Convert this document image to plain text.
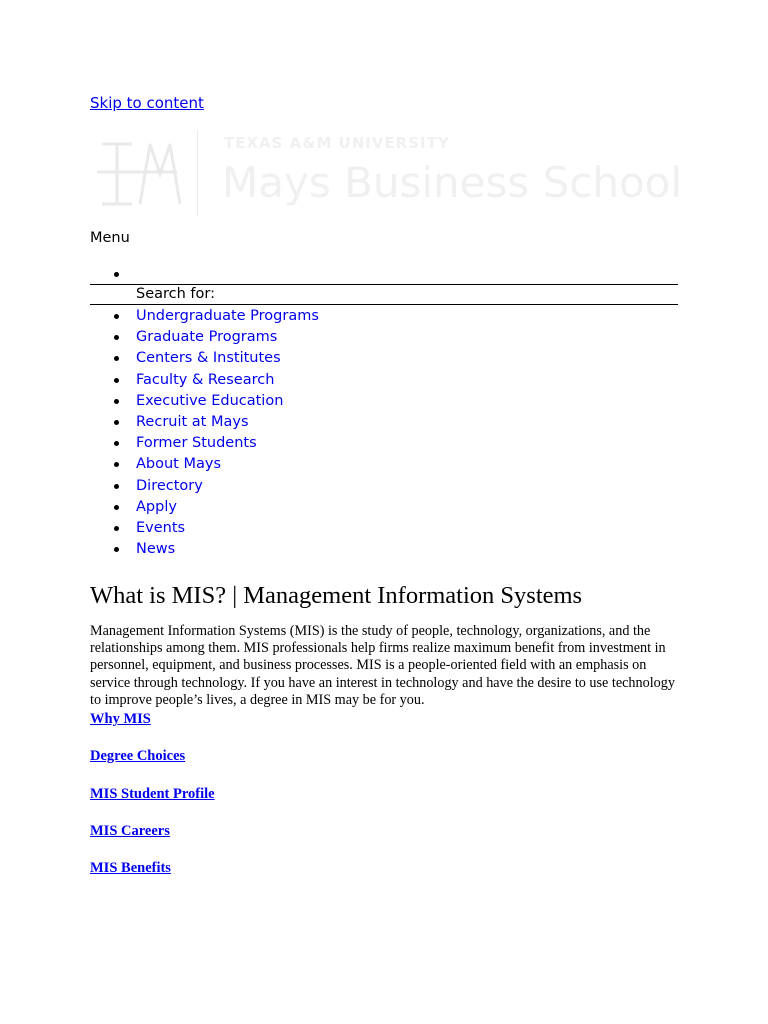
Skip to content
TEXAS A&M UNIVERSITY
Mays Business School
Menu
Search for:
Undergraduate Programs
Graduate Programs
Centers & Institutes
Faculty & Research
Executive Education
Recruit at Mays
Former Students
About Mays
Directory
Apply
Events
News
What is MIS? | Management Information Systems

Management Information Systems (MIS) is the study of people, technology, organizations, and the relationships among them. MIS professionals help firms realize maximum benefit from investment in personnel, equipment, and business processes. MIS is a people-oriented field with an emphasis on service through technology. If you have an interest in technology and have the desire to use technology to improve people’s lives, a degree in MIS may be for you.

Why MIS
Degree Choices
MIS Student Profile
MIS Careers
MIS Benefits
